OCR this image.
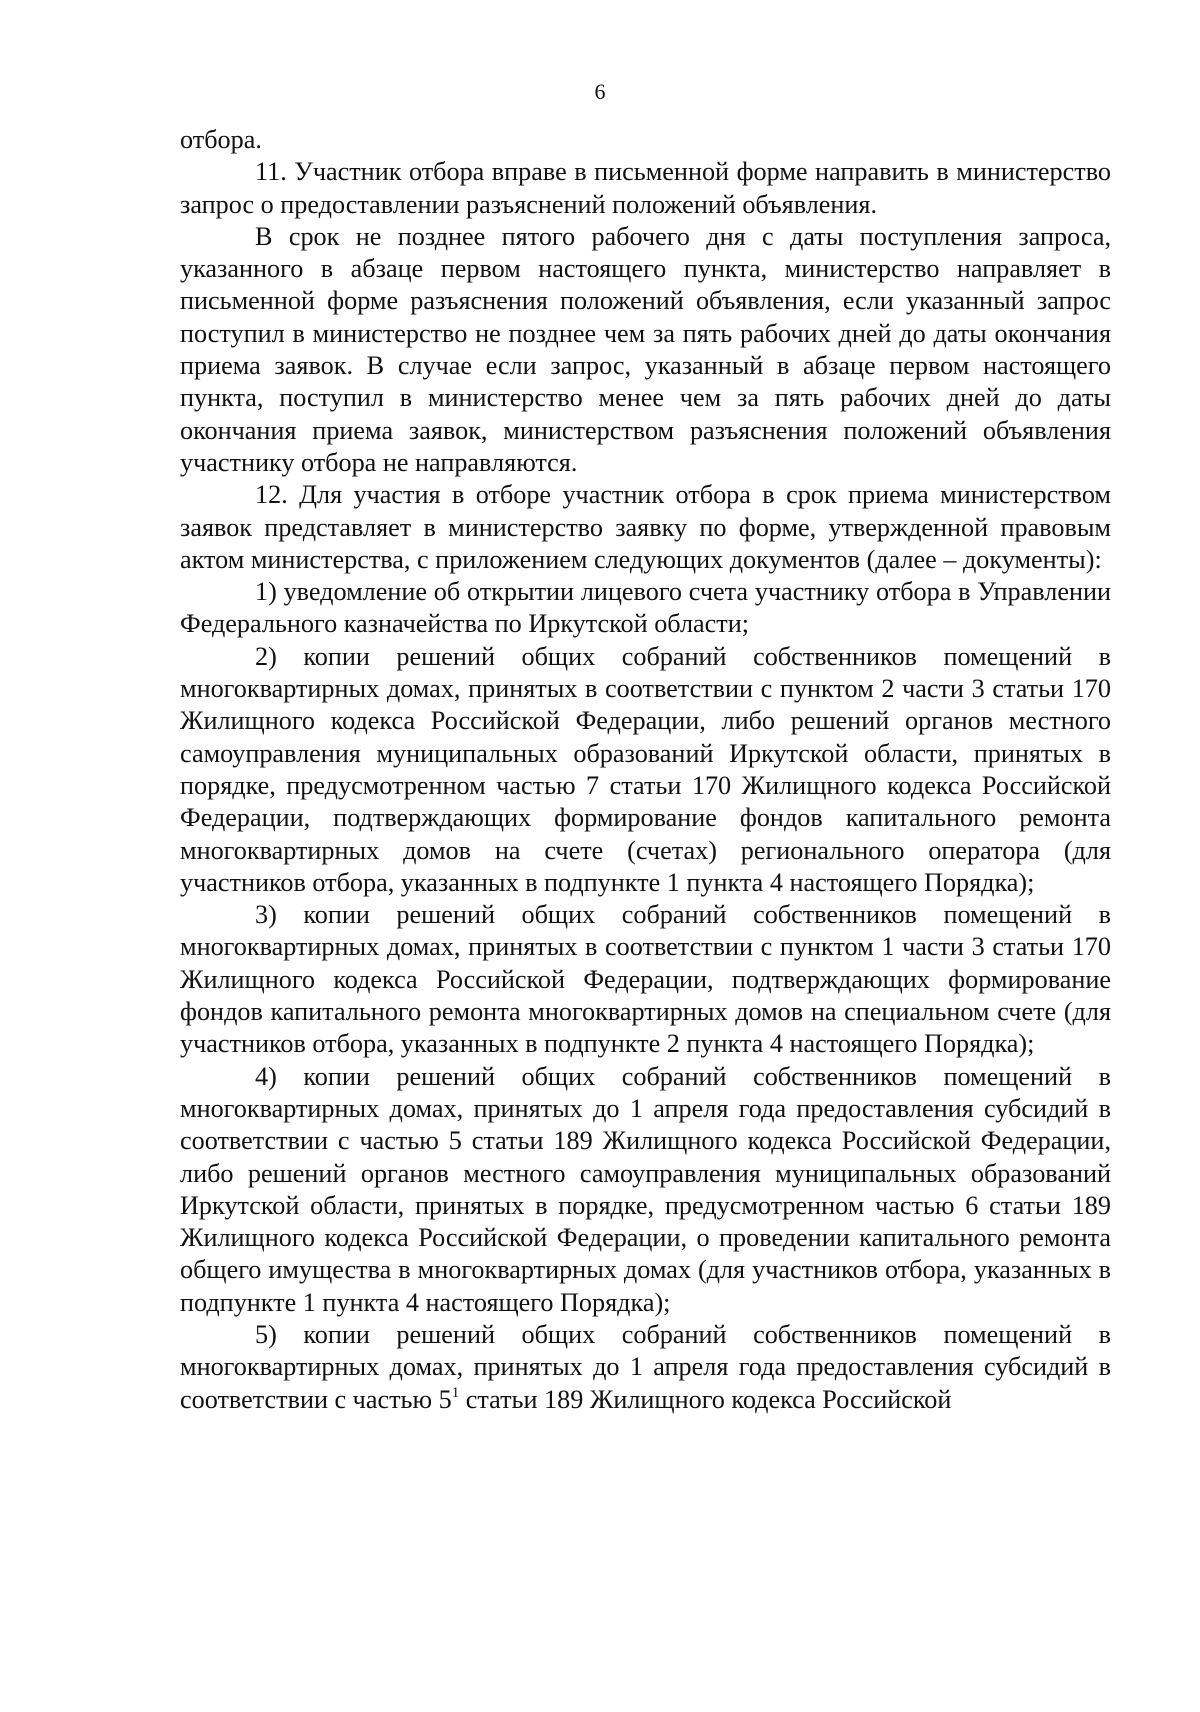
6

отбора.

11. Участник отбора вправе в письменной форме направить в министерство запрос о предоставлении разъяснений положений объявления.

В срок не позднее пятого рабочего дня с даты поступления запроса, указанного в абзаце первом настоящего пункта, министерство направляет в письменной форме разъяснения положений объявления, если указанный запрос поступил в министерство не позднее чем за пять рабочих дней до даты окончания приема заявок. В случае если запрос, указанный в абзаце первом настоящего пункта, поступил в министерство менее чем за пять рабочих дней до даты окончания приема заявок, министерством разъяснения положений объявления участнику отбора не направляются.

12. Для участия в отборе участник отбора в срок приема министерством заявок представляет в министерство заявку по форме, утвержденной правовым актом министерства, с приложением следующих документов (далее – документы):

1) уведомление об открытии лицевого счета участнику отбора в Управлении Федерального казначейства по Иркутской области;

2) копии решений общих собраний собственников помещений в многоквартирных домах, принятых в соответствии с пунктом 2 части 3 статьи 170 Жилищного кодекса Российской Федерации, либо решений органов местного самоуправления муниципальных образований Иркутской области, принятых в порядке, предусмотренном частью 7 статьи 170 Жилищного кодекса Российской Федерации, подтверждающих формирование фондов капитального ремонта многоквартирных домов на счете (счетах) регионального оператора (для участников отбора, указанных в подпункте 1 пункта 4 настоящего Порядка);

3) копии решений общих собраний собственников помещений в многоквартирных домах, принятых в соответствии с пунктом 1 части 3 статьи 170 Жилищного кодекса Российской Федерации, подтверждающих формирование фондов капитального ремонта многоквартирных домов на специальном счете (для участников отбора, указанных в подпункте 2 пункта 4 настоящего Порядка);

4) копии решений общих собраний собственников помещений в многоквартирных домах, принятых до 1 апреля года предоставления субсидий в соответствии с частью 5 статьи 189 Жилищного кодекса Российской Федерации, либо решений органов местного самоуправления муниципальных образований Иркутской области, принятых в порядке, предусмотренном частью 6 статьи 189 Жилищного кодекса Российской Федерации, о проведении капитального ремонта общего имущества в многоквартирных домах (для участников отбора, указанных в подпункте 1 пункта 4 настоящего Порядка);

5) копии решений общих собраний собственников помещений в многоквартирных домах, принятых до 1 апреля года предоставления субсидий в соответствии с частью $5^1$ статьи 189 Жилищного кодекса Российской
